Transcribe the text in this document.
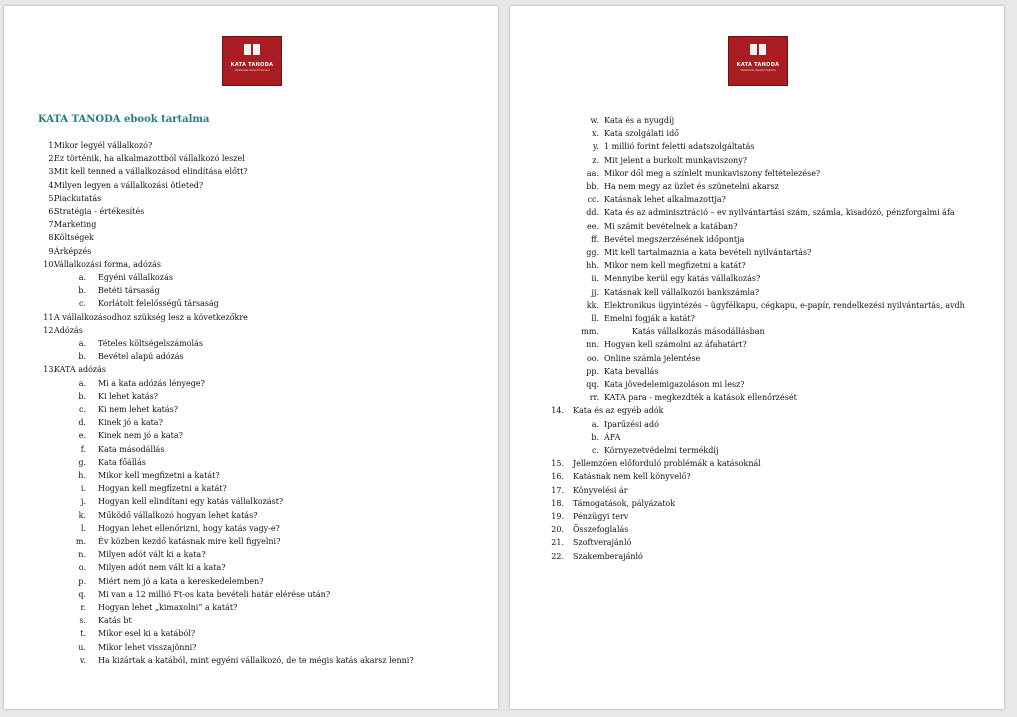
KATA TANODA
vállalkozás lépésről lépésre
KATA TANODA ebook tartalma
1.
Mikor legyél vállalkozó?
2.
Ez történik, ha alkalmazottból vállalkozó leszel
3.
Mit kell tenned a vállalkozásod elindítása előtt?
4.
Milyen legyen a vállalkozási ötleted?
5.
Piackutatás
6.
Stratégia - értékesítés
7.
Marketing
8.
Költségek
9.
Árképzés
10.
Vállalkozási forma, adózás
a. Egyéni vállalkozás
b. Betéti társaság
c. Korlátolt felelősségű társaság
11.
A vállalkozásodhoz szükség lesz a következőkre
12.
Adózás
a. Tételes költségelszámolás
b. Bevétel alapú adózás
13.
KATA adózás
a. Mi a kata adózás lényege?
b. Ki lehet katás?
c. Ki nem lehet katás?
d. Kinek jó a kata?
e. Kinek nem jó a kata?
f. Kata másodállás
g. Kata főállás
h. Mikor kell megfizetni a katát?
i. Hogyan kell megfizetni a katát?
j. Hogyan kell elindítani egy katás vállalkozást?
k. Működő vállalkozó hogyan lehet katás?
l. Hogyan lehet ellenőrizni, hogy katás vagy-e?
m. Év közben kezdő katásnak mire kell figyelni?
n. Milyen adót vált ki a kata?
o. Milyen adót nem vált ki a kata?
p. Miért nem jó a kata a kereskedelemben?
q. Mi van a 12 millió Ft-os kata bevételi határ elérése után?
r. Hogyan lehet „kimaxolni” a katát?
s. Katás bt
t. Mikor esel ki a katából?
u. Mikor lehet visszajönni?
v. Ha kizártak a katából, mint egyéni vállalkozó, de te mégis katás akarsz lenni?
KATA TANODA
vállalkozás lépésről lépésre
w. Kata és a nyugdíj
x. Kata szolgálati idő
y. 1 millió forint feletti adatszolgáltatás
z. Mit jelent a burkolt munkaviszony?
aa. Mikor dől meg a színlelt munkaviszony feltételezése?
bb. Ha nem megy az üzlet és szünetelni akarsz
cc. Katásnak lehet alkalmazottja?
dd. Kata és az adminisztráció – ev nyilvántartási szám, számla, kisadózó, pénzforgalmi áfa
ee. Mi számít bevételnek a katában?
ff. Bevétel megszerzésének időpontja
gg. Mit kell tartalmaznia a kata bevételi nyilvántartás?
hh. Mikor nem kell megfizetni a katát?
ii. Mennyibe kerül egy katás vállalkozás?
jj. Katásnak kell vállalkozói bankszámla?
kk. Elektronikus ügyintézés – ügyfélkapu, cégkapu, e-papír, rendelkezési nyilvántartás, avdh
ll. Emelni fogják a katát?
mm.	Katás vállalkozás másodállásban
nn. Hogyan kell számolni az áfahatárt?
oo. Online számla jelentése
pp. Kata bevallás
qq. Kata jövedelemigazoláson mi lesz?
rr. KATA para - megkezdték a katások ellenőrzését
14. Kata és az egyéb adók
a. Iparűzési adó
b. ÁFA
c. Környezetvédelmi termékdíj
15. Jellemzően előforduló problémák a katásoknál
16. Katásnak nem kell könyvelő?
17. Könyvelési ár
18. Támogatások, pályázatok
19. Pénzügyi terv
20. Összefoglalás
21. Szoftverajánló
22. Szakemberajánló
